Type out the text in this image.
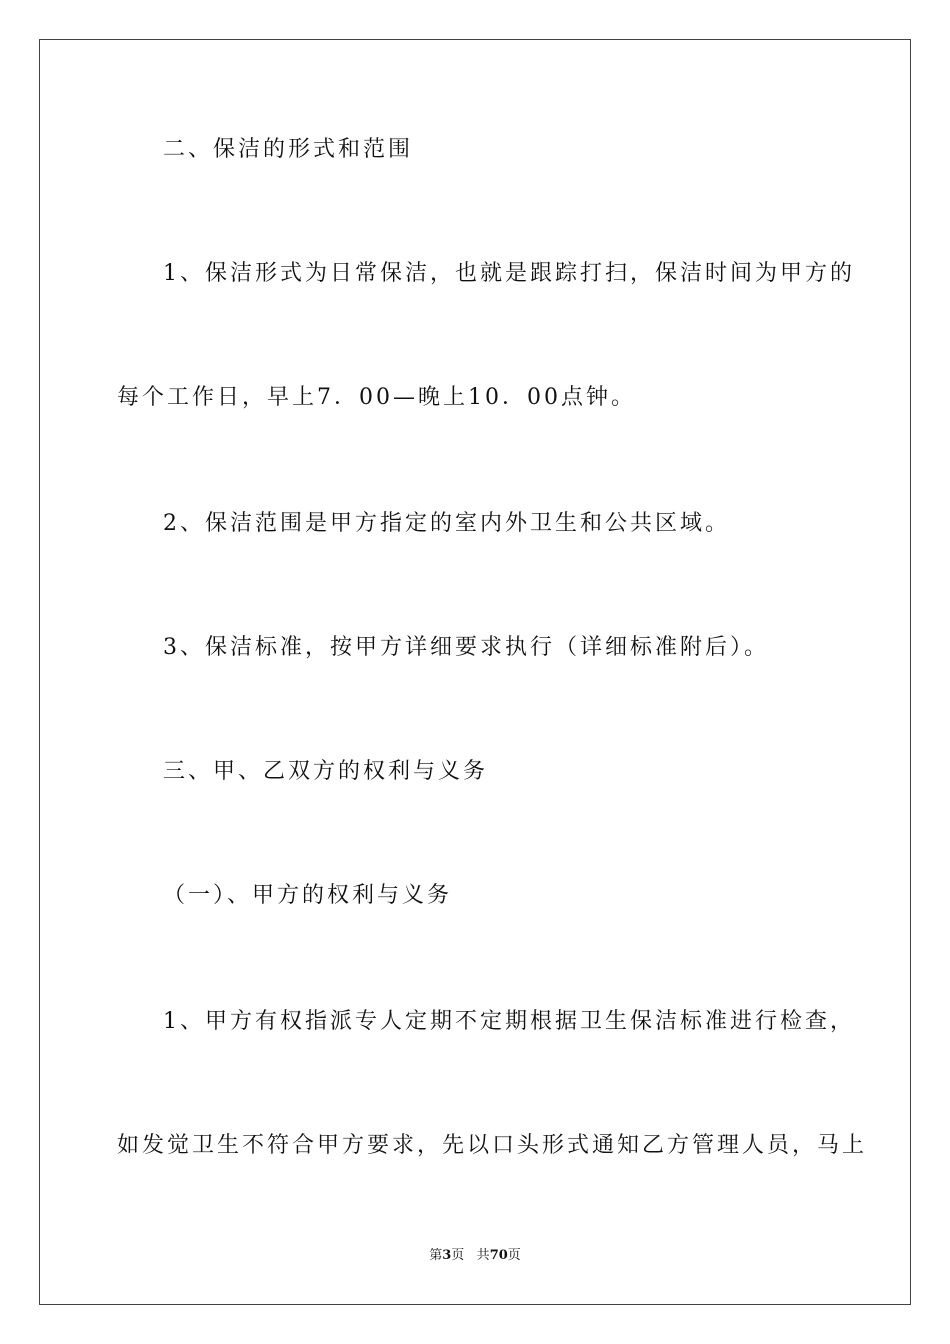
二、保洁的形式和范围

1、保洁形式为日常保洁，也就是跟踪打扫，保洁时间为甲方的

每个工作日，早上7．00—晚上10．00点钟。

2、保洁范围是甲方指定的室内外卫生和公共区域。

3、保洁标准，按甲方详细要求执行（详细标准附后）。

三、甲、乙双方的权利与义务

（一）、甲方的权利与义务

1、甲方有权指派专人定期不定期根据卫生保洁标准进行检查，

如发觉卫生不符合甲方要求，先以口头形式通知乙方管理人员，马上

第3页 共70页
